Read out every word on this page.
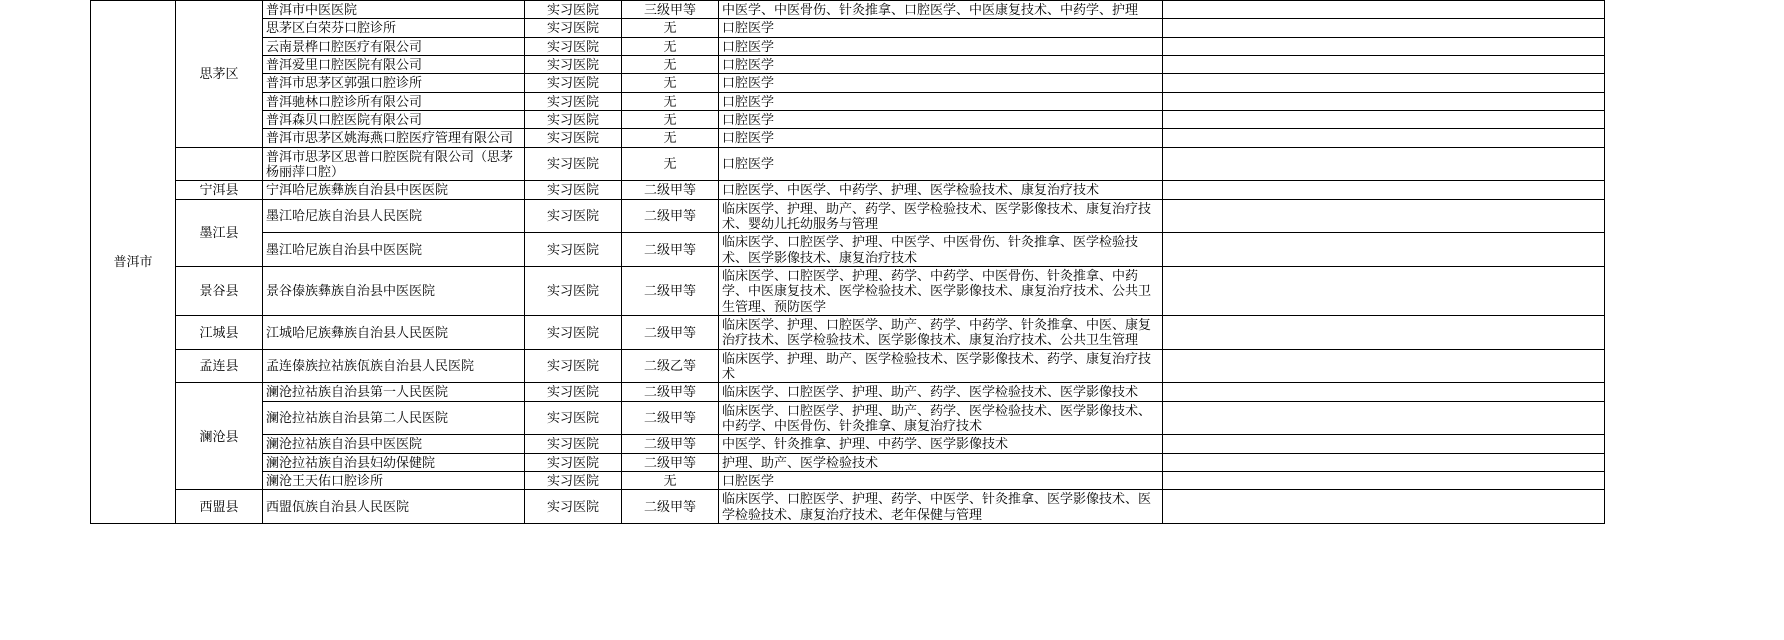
普洱市	思茅区	普洱市中医医院	实习医院	三级甲等	中医学、中医骨伤、针灸推拿、口腔医学、中医康复技术、中药学、护理	
		思茅区白荣芬口腔诊所	实习医院	无	口腔医学	
		云南景桦口腔医疗有限公司	实习医院	无	口腔医学	
		普洱爱里口腔医院有限公司	实习医院	无	口腔医学	
		普洱市思茅区郭强口腔诊所	实习医院	无	口腔医学	
		普洱驰林口腔诊所有限公司	实习医院	无	口腔医学	
		普洱森贝口腔医院有限公司	实习医院	无	口腔医学	
		普洱市思茅区姚海燕口腔医疗管理有限公司	实习医院	无	口腔医学	
		普洱市思茅区思普口腔医院有限公司（思茅杨丽萍口腔）	实习医院	无	口腔医学	
	宁洱县	宁洱哈尼族彝族自治县中医医院	实习医院	二级甲等	口腔医学、中医学、中药学、护理、医学检验技术、康复治疗技术	
	墨江县	墨江哈尼族自治县人民医院	实习医院	二级甲等	临床医学、护理、助产、药学、医学检验技术、医学影像技术、康复治疗技术、婴幼儿托幼服务与管理	
		墨江哈尼族自治县中医医院	实习医院	二级甲等	临床医学、口腔医学、护理、中医学、中医骨伤、针灸推拿、医学检验技术、医学影像技术、康复治疗技术	
	景谷县	景谷傣族彝族自治县中医医院	实习医院	二级甲等	临床医学、口腔医学、护理、药学、中药学、中医骨伤、针灸推拿、中药学、中医康复技术、医学检验技术、医学影像技术、康复治疗技术、公共卫生管理、预防医学	
	江城县	江城哈尼族彝族自治县人民医院	实习医院	二级甲等	临床医学、护理、口腔医学、助产、药学、中药学、针灸推拿、中医、康复治疗技术、医学检验技术、医学影像技术、康复治疗技术、公共卫生管理	
	孟连县	孟连傣族拉祜族佤族自治县人民医院	实习医院	二级乙等	临床医学、护理、助产、医学检验技术、医学影像技术、药学、康复治疗技术	
	澜沧县	澜沧拉祜族自治县第一人民医院	实习医院	二级甲等	临床医学、口腔医学、护理、助产、药学、医学检验技术、医学影像技术	
		澜沧拉祜族自治县第二人民医院	实习医院	二级甲等	临床医学、口腔医学、护理、助产、药学、医学检验技术、医学影像技术、中药学、中医骨伤、针灸推拿、康复治疗技术	
		澜沧拉祜族自治县中医医院	实习医院	二级甲等	中医学、针灸推拿、护理、中药学、医学影像技术	
		澜沧拉祜族自治县妇幼保健院	实习医院	二级甲等	护理、助产、医学检验技术	
		澜沧王天佑口腔诊所	实习医院	无	口腔医学	
	西盟县	西盟佤族自治县人民医院	实习医院	二级甲等	临床医学、口腔医学、护理、药学、中医学、针灸推拿、医学影像技术、医学检验技术、康复治疗技术、老年保健与管理	
